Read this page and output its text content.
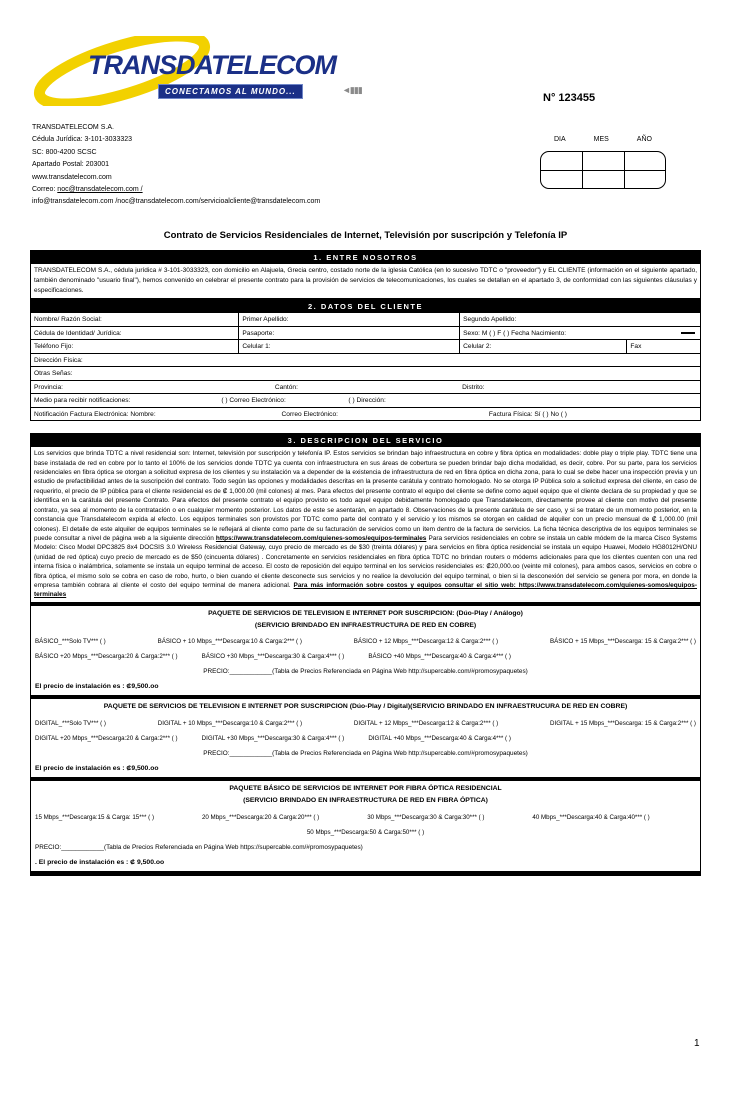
TRANSDATELECOM
CONECTAMOS AL MUNDO...	◄▮▮▮
N° 123455
TRANSDATELECOM S.A.
Cédula Jurídica: 3-101-3033323
SC: 800-4200 SCSC
Apartado Postal: 203001
www.transdatelecom.com
Correo: noc@transdatelecom.com /
info@transdatelecom.com /noc@transdatelecom.com/servicioalcliente@transdatelecom.com
DIA	MES	AÑO
Contrato de Servicios Residenciales de Internet, Televisión por suscripción y Telefonía IP
1. ENTRE NOSOTROS

TRANSDATELECOM S.A., cédula jurídica # 3-101-3033323, con domicilio en Alajuela, Grecia centro, costado norte de la iglesia Católica (en lo sucesivo TDTC o "proveedor") y EL CLIENTE (información en el siguiente apartado, también denominado "usuario final"), hemos convenido en celebrar el presente contrato para la provisión de servicios de telecomunicaciones, los cuales se detallan en el apartado 3, de conformidad con las siguientes cláusulas y especificaciones.

2. DATOS DEL CLIENTE
Nombre/ Razón Social:	Primer Apellido:	Segundo Apellido:
Cédula de Identidad/ Jurídica:	Pasaporte:	Sexo: M ( ) F ( ) Fecha Nacimiento:
Teléfono Fijo:	Celular 1:	Celular 2:	Fax
Dirección Física:
Otras Señas:
Provincia:	Cantón:	Distrito:
Medio para recibir notificaciones:	( ) Correo Electrónico:	( ) Dirección:
Notificación Factura Electrónica: Nombre:	Correo Electrónico:	Factura Física: Sí ( ) No ( )
3. DESCRIPCION DEL SERVICIO

Los servicios que brinda TDTC a nivel residencial son: Internet, televisión por suscripción y telefonía IP. Estos servicios se brindan bajo infraestructura en cobre y fibra óptica en modalidades: doble play o triple play. TDTC tiene una base instalada de red en cobre por lo tanto el 100% de los servicios donde TDTC ya cuenta con infraestructura en sus áreas de cobertura se pueden brindar bajo dicha modalidad, es decir, cobre. Por su parte, para los servicios residenciales en fibra óptica se otorgan a solicitud expresa de los clientes y su instalación va a depender de la existencia de infraestructura de red en fibra óptica en dicha zona, para lo cual se debe hacer una inspección previa y un estudio de prefactibilidad antes de la suscripción del contrato. Todo según las opciones y modalidades descritas en la presente carátula y contrato homologado. No se otorga IP Pública solo a solicitud expresa del cliente, en caso de requerirlo, el precio de IP pública para el cliente residencial es de ₡ 1,000.00 (mil colones) al mes. Para efectos del presente contrato el equipo del cliente se define como aquel equipo que el cliente declara de su propiedad y que se identifica en la carátula del presente Contrato. Para efectos del presente contrato el equipo provisto es todo aquel equipo debidamente homologado que Transdatelecom, directamente provee al cliente con motivo del presente contrato, ya sea al momento de la contratación o en cualquier momento posterior. Los datos de este se asentarán, en apartado 8. Observaciones de la presente carátula de ser caso, y si se tratare de un momento posterior, en la constancia que Transdatelecom expida al efecto. Los equipos terminales son provistos por TDTC como parte del contrato y el servicio y los mismos se otorgan en calidad de alquiler con un precio mensual de ₡ 1,000.00 (mil colones). El detalle de este alquiler de equipos terminales se le reflejará al cliente como parte de su facturación de servicios como un ítem dentro de la factura de servicios. La ficha técnica descriptiva de los equipos terminales se puede consultar a nivel de página web a la siguiente dirección https://www.transdatelecom.com/quienes-somos/equipos-terminales Para servicios residenciales en cobre se instala un cable módem de la marca Cisco Systems Modelo: Cisco Model DPC3825 8x4 DOCSIS 3.0 Wireless Residencial Gateway, cuyo precio de mercado es de $30 (treinta dólares) y para servicios en fibra óptica residencial se instala un equipo Huawei, Modelo HG8012H/ONU (unidad de red óptica) cuyo precio de mercado es de $50 (cincuenta dólares) . Concretamente en servicios residenciales en fibra óptica TDTC no brindan routers o módems adicionales para que los clientes cuenten con una red interna física o inalámbrica, solamente se instala un equipo terminal de acceso. El costo de reposición del equipo terminal en los servicios residenciales es: ₡20,000.oo (veinte mil colones), para ambos casos, servicios en cobre o fibra óptica, el mismo solo se cobra en caso de robo, hurto, o bien cuando el cliente desconecte sus servicios y no realice la devolución del equipo terminal, o bien si la desconexión del servicio se genera por mora, en donde la empresa también cobrara al cliente el costo del equipo terminal de manera adicional. Para más información sobre costos y equipos consultar el sitio web: https://www.transdatelecom.com/quienes-somos/equipos-terminales

PAQUETE DE SERVICIOS DE TELEVISION E INTERNET POR SUSCRIPCION: (Dúo-Play / Análogo)
(SERVICIO BRINDADO EN INFRAESTRUCTURA DE RED EN COBRE)
BÁSICO_***Solo TV*** ( )	BÁSICO + 10 Mbps_***Descarga:10 & Carga:2*** ( )	BÁSICO + 12 Mbps_***Descarga:12 & Carga:2*** ( )	BÁSICO + 15 Mbps_***Descarga: 15 & Carga:2*** ( )
BÁSICO +20 Mbps_***Descarga:20 & Carga:2*** ( )	BÁSICO +30 Mbps_***Descarga:30 & Carga:4*** ( )	BÁSICO +40 Mbps_***Descarga:40 & Carga:4*** ( )
PRECIO:____________(Tabla de Precios Referenciada en Página Web http://supercable.com/#promosypaquetes)
El precio de instalación es : ₡9,500.oo
PAQUETE DE SERVICIOS DE TELEVISION E INTERNET POR SUSCRIPCION (Dúo-Play / Digital)(SERVICIO BRINDADO EN INFRAESTRUCURA DE RED EN COBRE)
DIGITAL_***Solo TV*** ( )	DIGITAL + 10 Mbps_***Descarga:10 & Carga:2*** ( )	DIGITAL + 12 Mbps_***Descarga:12 & Carga:2*** ( )	DIGITAL + 15 Mbps_***Descarga: 15 & Carga:2*** ( )
DIGITAL +20 Mbps_***Descarga:20 & Carga:2*** ( )	DIGITAL +30 Mbps_***Descarga:30 & Carga:4*** ( )	DIGITAL +40 Mbps_***Descarga:40 & Carga:4*** ( )
PRECIO:____________(Tabla de Precios Referenciada en Página Web http://supercable.com/#promosypaquetes)
El precio de instalación es : ₡9,500.oo
PAQUETE BÁSICO DE SERVICIOS DE INTERNET POR FIBRA ÓPTICA RESIDENCIAL
(SERVICIO BRINDADO EN INFRAESTRUCTURA DE RED EN FIBRA ÓPTICA)
15 Mbps_***Descarga:15 & Carga: 15*** ( )	20 Mbps_***Descarga:20 & Carga:20*** ( )	30 Mbps_***Descarga:30 & Carga:30*** ( )	40 Mbps_***Descarga:40 & Carga:40*** ( )
50 Mbps_***Descarga:50 & Carga:50*** ( )
PRECIO:____________(Tabla de Precios Referenciada en Página Web https://supercable.com/#promosypaquetes)
. El precio de instalación es : ₡ 9,500.oo
1
